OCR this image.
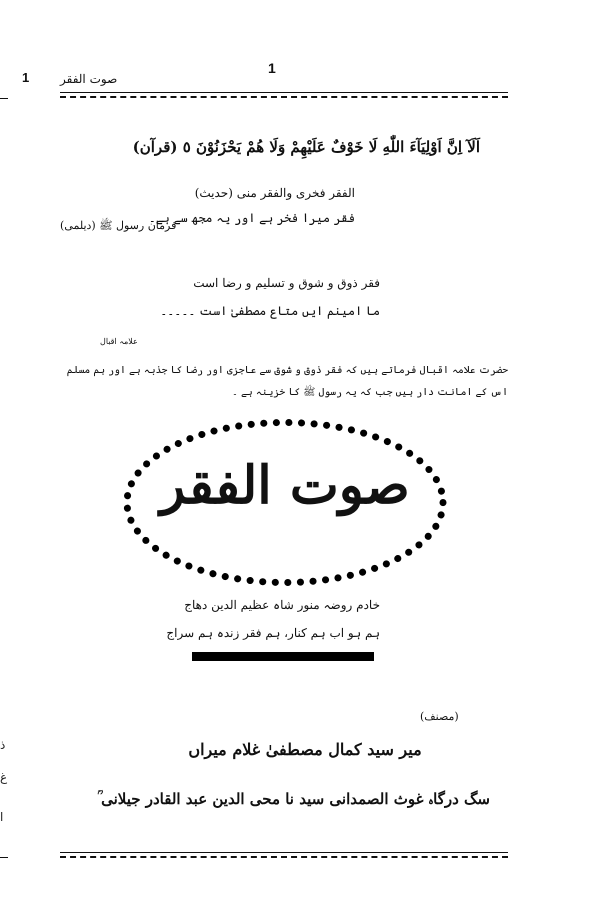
1
ذ
غ
ا
1
صوت الفقر
اَلَآ اِنَّ اَوْلِيَآءَ اللّٰهِ لَا خَوْفٌ عَلَيْهِمْ وَلَا هُمْ يَحْزَنُوْنَ ٥ (قرآن)
الفقر فخری والفقر منی (حدیث)
فقر میرا فخر ہے اور یہ مجھ سے ہے۔
فرمان رسول ﷺ (دیلمی)
فقر ذوق و شوق و تسلیم و رضا است
ما امینم ایں متاع مصطفیٰ است ۔۔۔۔۔
علامہ اقبال
حضرت علامہ اقبال فرماتے ہیں کہ فقر ذوق و شوق سے عاجزی اور رضا کا جذبہ ہے اور ہم مسلم اس کے امانت دار ہیں جب کہ یہ رسول ﷺ کا خزینہ ہے ۔
صوت الفقر
خادم روضہ منور شاہ عظیم الدین دھاج
ہم ہو اب ہم کنار، ہم فقر زندہ ہم سراج
(مصنف)
میر سید کمال مصطفیٰ غلام میراں
سگ درگاہ غوث الصمدانی سید نا محی الدین عبد القادر جیلانی ؒ
